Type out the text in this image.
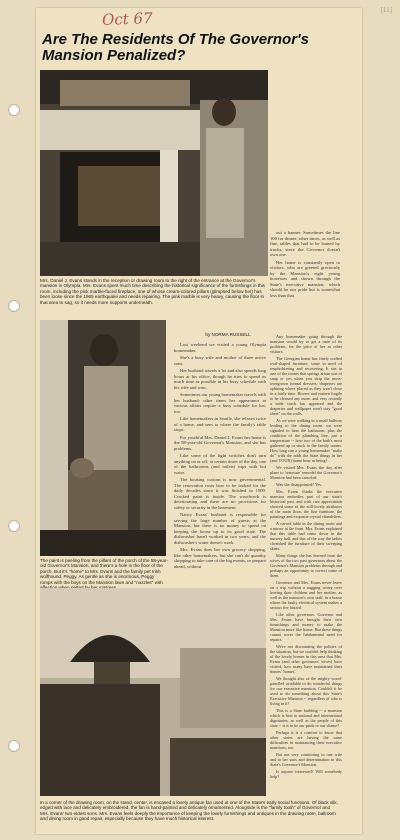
[11]
Oct 67
Are The Residents Of The Governor's Mansion Penalized?
Mrs. Daniel J. Evans stands in the reception or drawing room to the right of the entrance at the Governor's mansion in Olympia. Mrs. Evans spent much time describing the historical significance of the furnishings in this room, including the pink marble-faced fireplace, one of whose cream-colored pillars (glimpsed below her) has been loose since the 1965 earthquake and needs repairing. The pink marble is very heavy, causing the floor in that area to sag, so it needs more supports underneath.

out a banner. Sometimes the line 100 for dinner, other times, as well as fine, tables that had to be loaned by trucks, since the Governor doesn't own one.

Her home is constantly open to visitors, who are greeted graciously by the Mansion's eight young hostesses and shown through the State's executive mansion, which should be our pride but is somewhat less than that.

The paint is peeling from the pillars of the porch of the 58-year-old Governor's Mansion, and there's a hole in the floor of the porch. But it's "home" to Mrs. Evans and the family pet Irish wolfhound, Peggy. As gentle as she is enormous, Peggy romps with the boys on the Mansion lawn and "nuzzles" with
by NORMA RUSSELL

Lost weekend we visited a young Olympia homemaker.

She's a busy wife and mother of three active sons.

Her husband travels a lot and also spends long hours at his office, though he tries to spend as much time as possible in his busy schedule with his wife and sons.

Sometimes our young homemaker travels with her husband; other times her appearance at various affairs require a busy schedule for her, too.

Like homemakers in Seattle, she relaxes twice of a home, and sees to where the family's table stops.

For youthful Mrs. Daniel J. Evans her home is the 58-year-old Governor's Mansion, and she has problems.

Like some of the light switches don't turn anything on or off; at certain times of the day, one of the bathrooms (and toilets) trips with hot water.

The housing custom is now governmental. The renovation costs how to be looked for the daily decades since it was finished in 1909. Cracked paint is inside. The woodwork is deteriorating and there are no provisions for safety or security in the basement.

Nancy Evans' husband is responsible for serving the large number of guests at the Mansion, but there is no money to spend on keeping the house up to its good state. The dishwasher hasn't worked in two years, and the dishwasher's water doesn't work.

Mrs. Evans does her own grocery shopping, like other homemakers, but she can't do quantity shopping to take care of the big events, or prepare ahead, without

Any homemaker going through the mansion would try to get a taste of its problems, for the price of her as other visitors.

The Georgian home has finely crafted oval-shaped furniture, some in need of reupholstering and recovering. It sits in one of the rooms that springs attain sort of snap or yes when you strip the moss-overgrown formal dressers; draperies are splitting where placed as they won't close in a fairly time. Hovers and eastern fragile to be cleaned any more, and very recently a wide crack has appeared and the draperies and wallpaper won't stay "good sheet" on the walls.

As we were walking in a small hallway leading to the dining room, we were signaled to hear the bathroom, plus the condition of the plumbing line, just a temperature -- how two of the bath's most gathered up or stuck to the family rooms. How long can a young homemaker "make do" with the odds the State things in her (and YOUR) home hour as being?

We visited Mrs. Evans the day after plans to 'renovate' remodel the Governor's Mansion had been canceled.

Was she disappointed? Yes.

Mrs. Evans thinks the executive mansion embodies part of our state's historical past, and with care appreciation showed some of the still-lovely attributes of the main floor, the fine furniture, the paintings and exquisite crystal chandeliers.

A carved table in the dining room and a mirror at the front. Mrs. Evans explained that this table had come down in the nursery hall, and this of the way the ladies cherished the furniture of their sweeping skirts.

Many things she has learned from the wives of the two past governors about the Governor's Mansion problems through and perhaps an opportunity to correct some of them.

Governor and Mrs. Evans never leave on a trip without a nagging worry over leaving their children and her mother, as well as the mansion's own staff, in a house where the faulty electrical system makes a serious fire hazard.

Like other governors, Governor and Mrs. Evans have brought their own furnishings and money to make the Mansion more like home. But these things cannot cover the fundamental need for repairs.

We're not discounting the politics of the situation, but we couldn't help thinking of the lovely homes in this area that Mrs. Evans (and other governors' wives) have visited, how many have maintained their homes' 'homes'.

We thought also of the mighty wood-panelled available to do wonderful things for our executive mansion. Couldn't it be used to do something about this State's Executive Mansion -- regardless of who is living in it?

This is a State building -- a mansion which is host to national and international dignitaries, as well as the people of this state -- is it to be our pride or our shame?

Perhaps it is a comfort to know that other states are having the same difficulties in maintaining their executive mansions, too.

But not very comforting to one wife and to her sons and determination in this State's Governor's Mansion.

Is anyone interested? Will somebody help?

In a corner of the drawing room, on the stand, center, is encased a lovely antique fan used at one of the State's early social functions. Of black silk, edged with lace and delicately embroidered, the fan is hand-painted and delicately ornamented. Alongside is the "family tooth" of Governor and Mrs. Evans' two eldest sons. Mrs. Evans feels deeply the importance of keeping the lovely furnishings and antiques in the drawing room, ballroom and dining room in good repair, especially because they have much historical interest.
